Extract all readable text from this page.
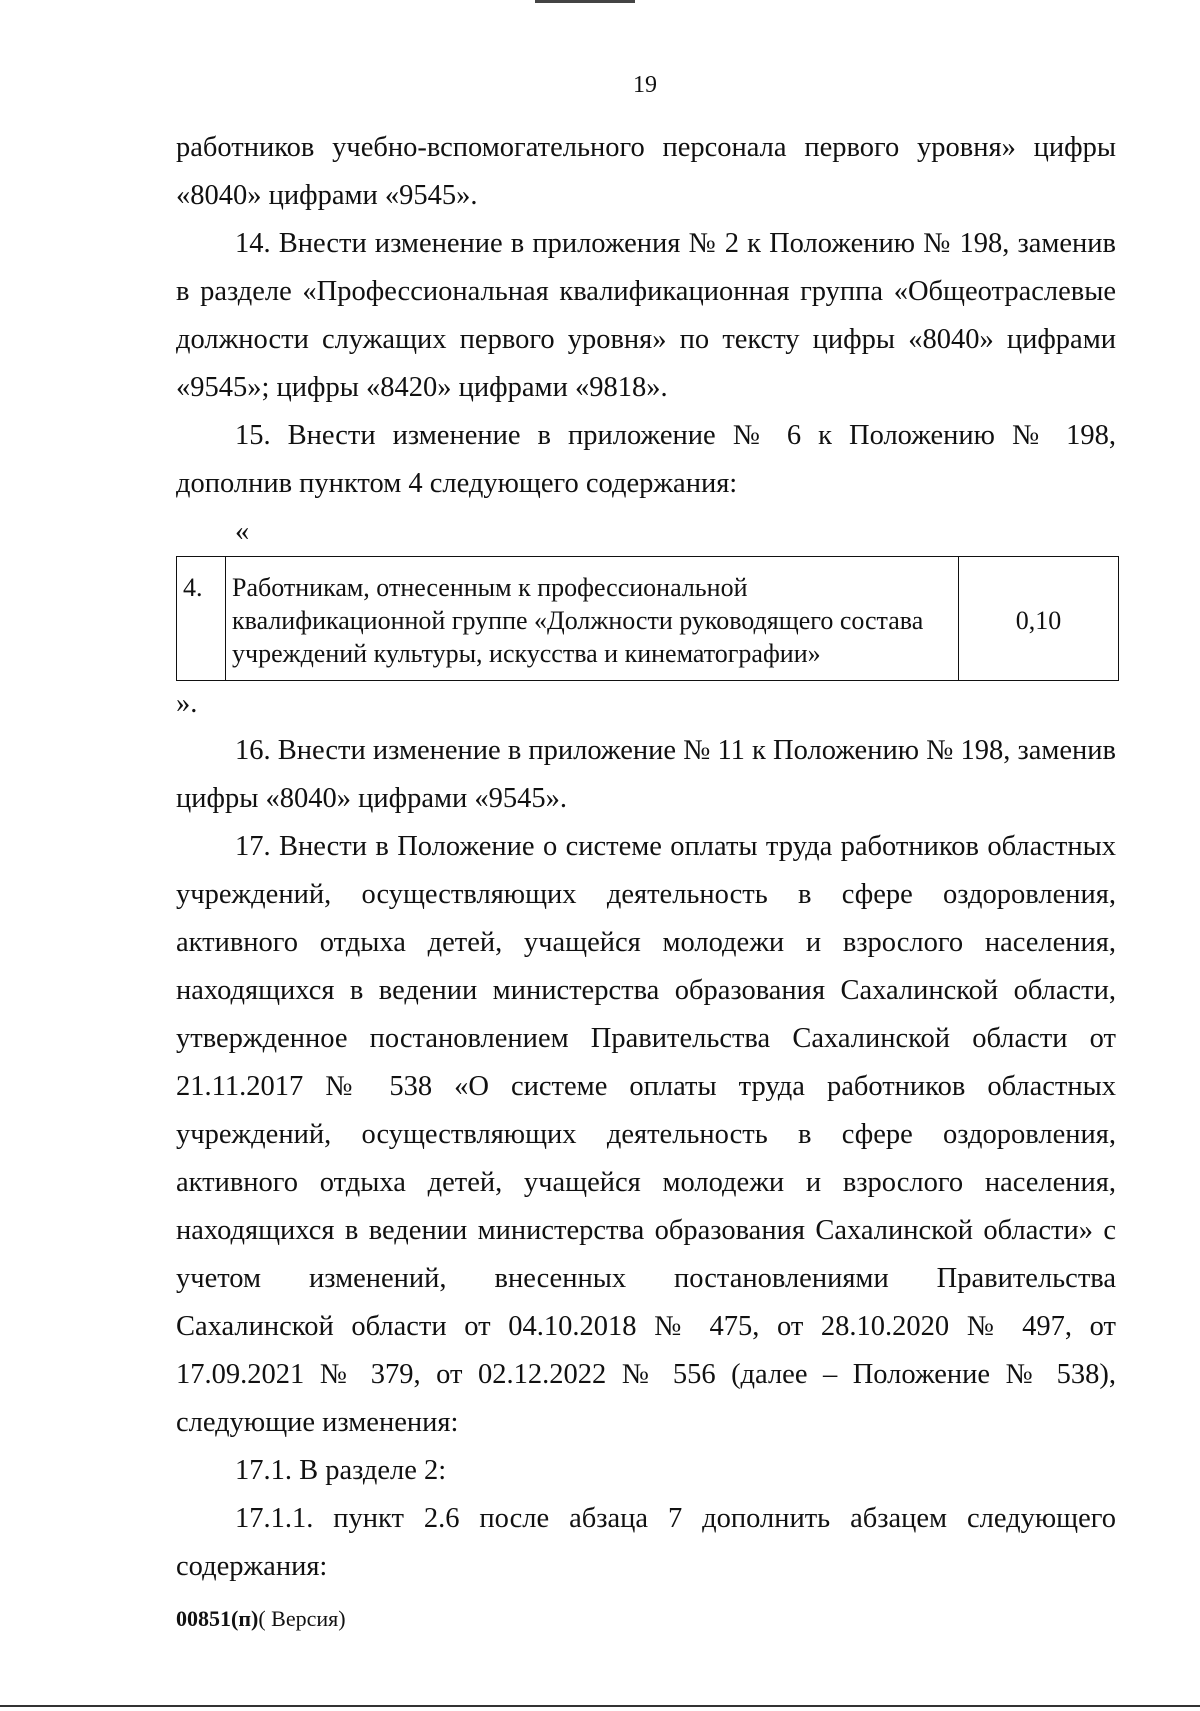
19

работников учебно-вспомогательного персонала первого уровня» цифры «8040» цифрами «9545».

14. Внести изменение в приложения № 2 к Положению № 198, заменив в разделе «Профессиональная квалификационная группа «Общеотраслевые должности служащих первого уровня» по тексту цифры «8040» цифрами «9545»; цифры «8420» цифрами «9818».

15. Внести изменение в приложение № 6 к Положению № 198, дополнив пунктом 4 следующего содержания:

«

4.	Работникам, отнесенным к профессиональной квалификационной группе «Должности руководящего состава учреждений культуры, искусства и кинематографии»	0,10

».

16. Внести изменение в приложение № 11 к Положению № 198, заменив цифры «8040» цифрами «9545».

17. Внести в Положение о системе оплаты труда работников областных учреждений, осуществляющих деятельность в сфере оздоровления, активного отдыха детей, учащейся молодежи и взрослого населения, находящихся в ведении министерства образования Сахалинской области, утвержденное постановлением Правительства Сахалинской области от 21.11.2017 № 538 «О системе оплаты труда работников областных учреждений, осуществляющих деятельность в сфере оздоровления, активного отдыха детей, учащейся молодежи и взрослого населения, находящихся в ведении министерства образования Сахалинской области» с учетом изменений, внесенных постановлениями Правительства Сахалинской области от 04.10.2018 № 475, от 28.10.2020 № 497, от 17.09.2021 № 379, от 02.12.2022 № 556 (далее – Положение № 538), следующие изменения:

17.1. В разделе 2:

17.1.1. пункт 2.6 после абзаца 7 дополнить абзацем следующего содержания:

00851(п)( Версия)
